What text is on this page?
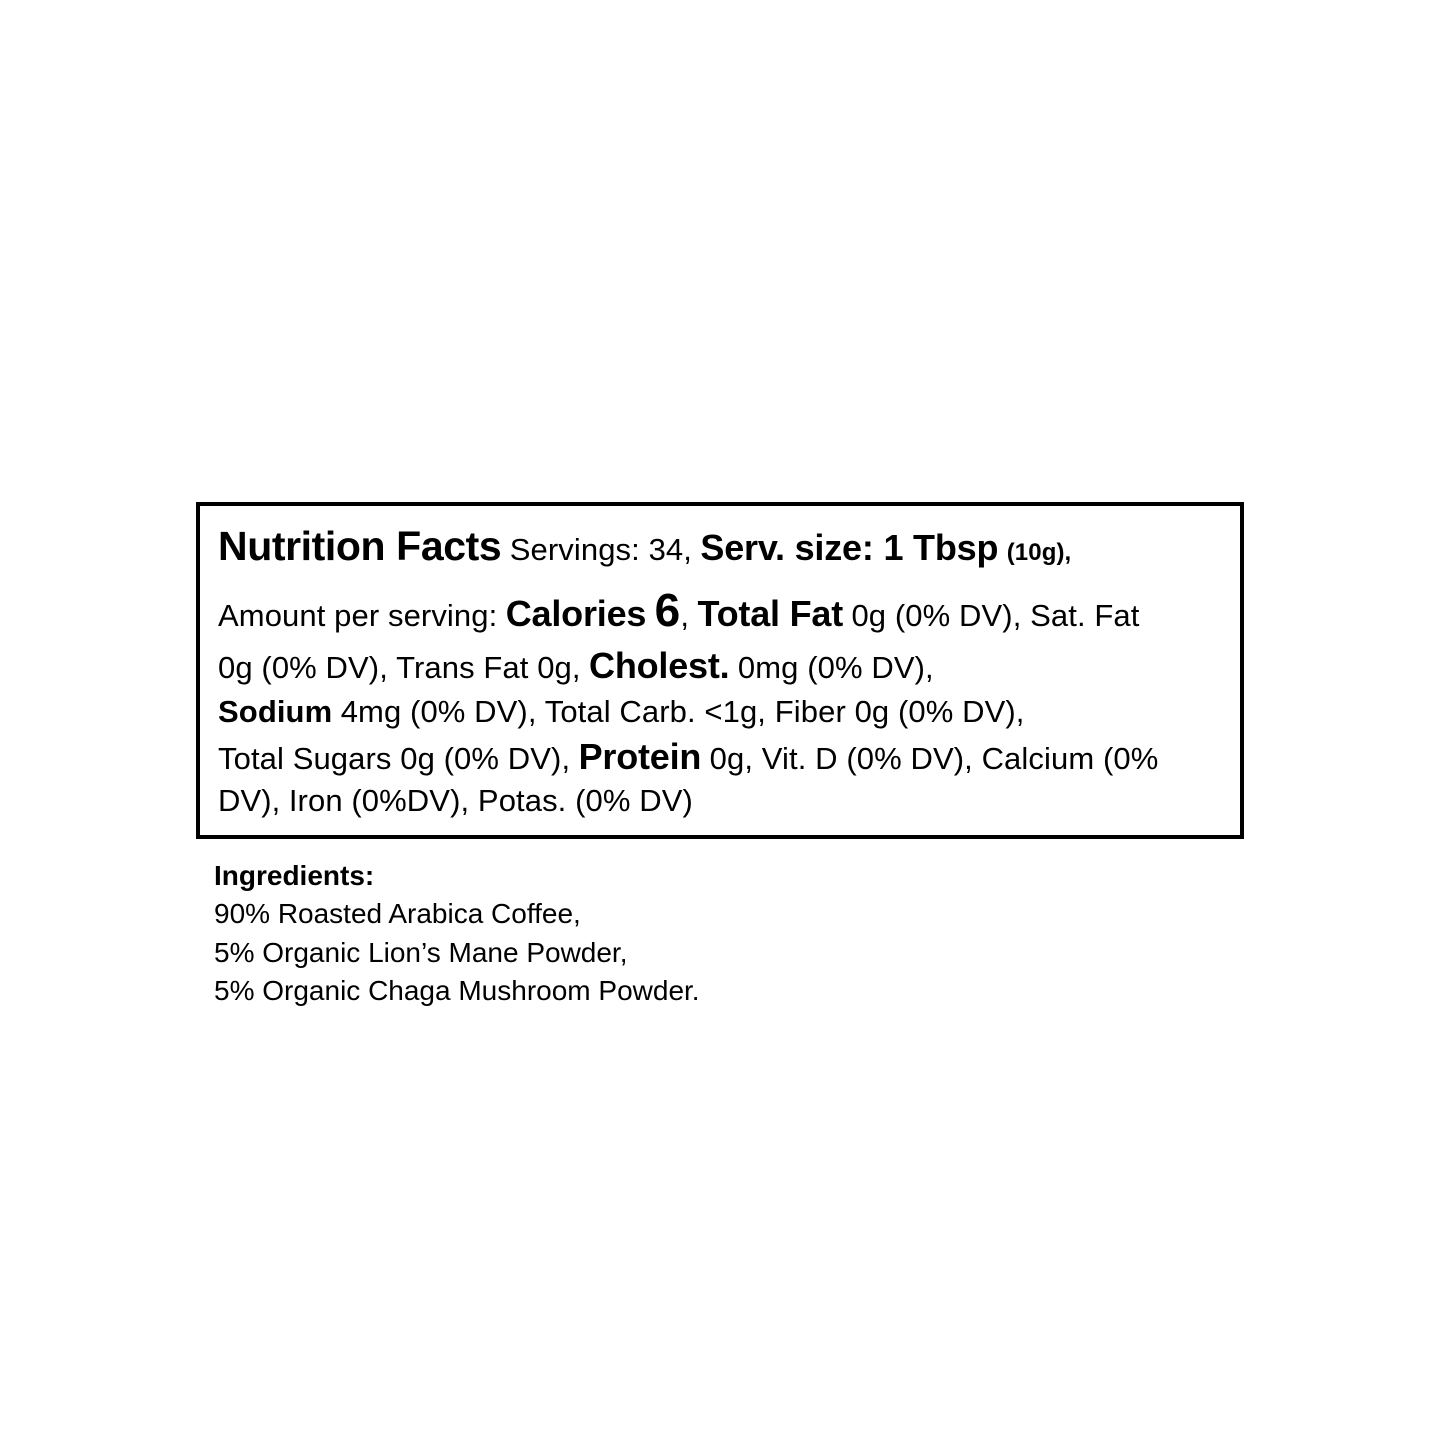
Nutrition Facts Servings: 34, Serv. size: 1 Tbsp (10g),
Amount per serving: Calories 6, Total Fat 0g (0% DV), Sat. Fat
0g (0% DV), Trans Fat 0g, Cholest. 0mg (0% DV),
Sodium 4mg (0% DV), Total Carb. <1g, Fiber 0g (0% DV),
Total Sugars 0g (0% DV), Protein 0g, Vit. D (0% DV), Calcium (0% DV), Iron (0%DV), Potas. (0% DV)
Ingredients:
90% Roasted Arabica Coffee,
5% Organic Lion’s Mane Powder,
5% Organic Chaga Mushroom Powder.
